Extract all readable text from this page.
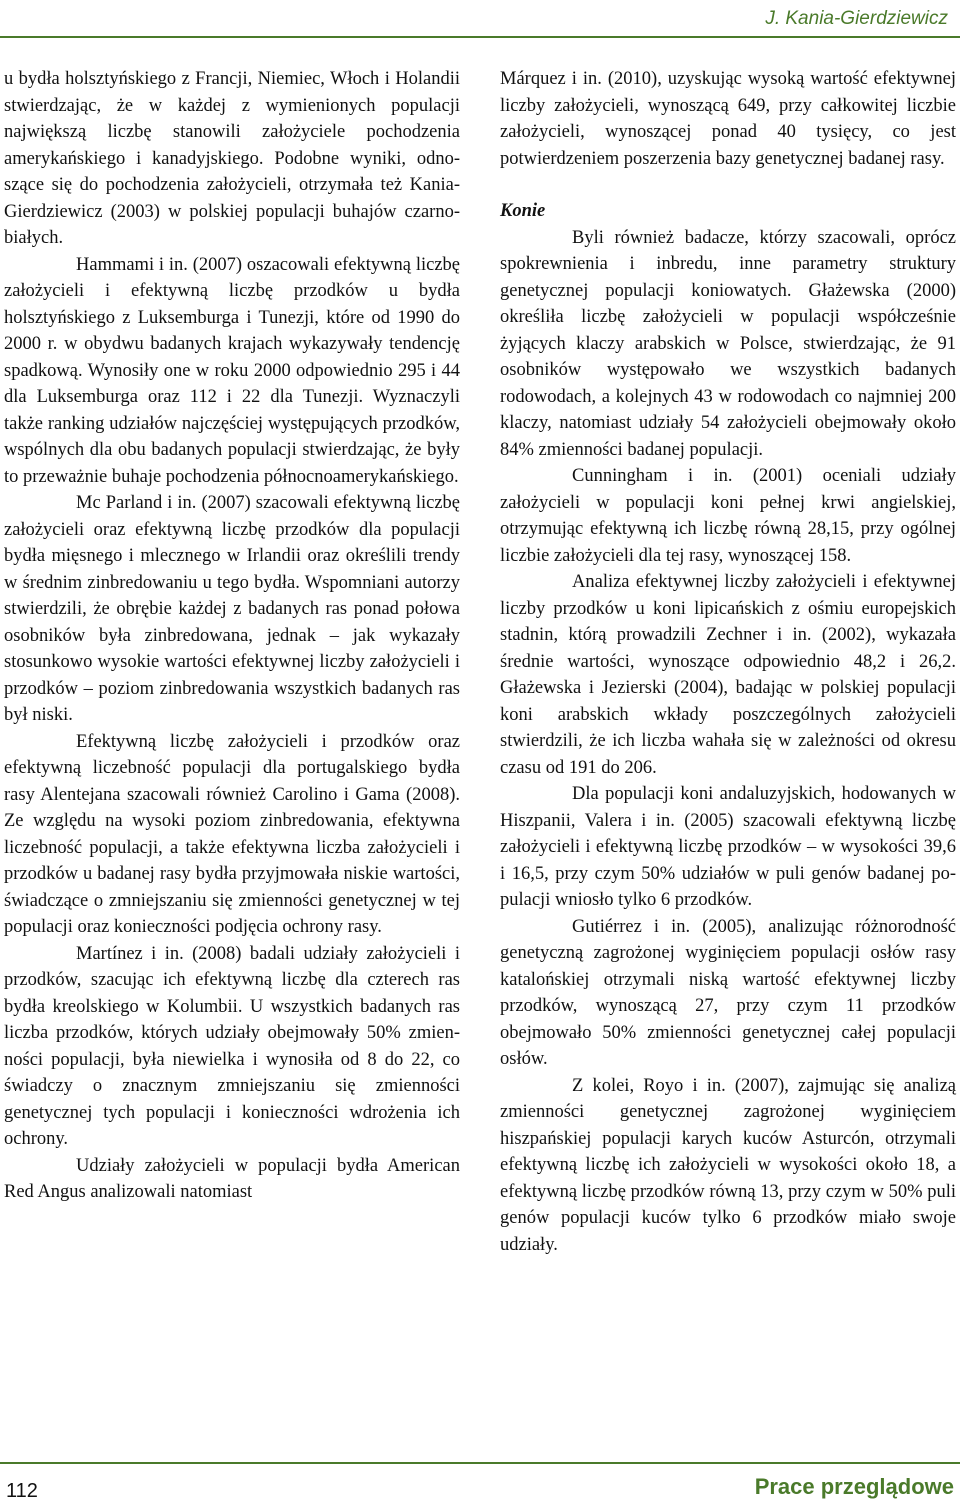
J. Kania-Gierdziewicz

u bydła holsztyńskiego z Francji, Niemiec, Włoch i Holandii stwierdzając, że w każdej z wymienionych populacji największą liczbę stanowili założyciele pochodzenia amerykańskiego i kanadyjskiego. Podobne wyniki, odnoszące się do pochodzenia założycieli, otrzymała też Kania-Gierdziewicz (2003) w polskiej populacji buhajów czarno-białych.

Hammami i in. (2007) oszacowali efektywną liczbę założycieli i efektywną liczbę przodków u bydła holsztyńskiego z Luksemburga i Tunezji, które od 1990 do 2000 r. w obydwu badanych krajach wykazywały tendencję spadkową. Wynosiły one w roku 2000 odpowiednio 295 i 44 dla Luksemburga oraz 112 i 22 dla Tunezji. Wyznaczyli także ranking udziałów najczęściej występujących przodków, wspólnych dla obu badanych populacji stwierdzając, że były to przeważnie buhaje pochodzenia północnoamerykańskiego.

Mc Parland i in. (2007) szacowali efektywną liczbę założycieli oraz efektywną liczbę przodków dla populacji bydła mięsnego i mlecznego w Irlandii oraz określili trendy w średnim zinbredowaniu u tego bydła. Wspomniani autorzy stwierdzili, że obrębie każdej z badanych ras ponad połowa osobników była zinbredowana, jednak – jak wykazały stosunkowo wysokie wartości efektywnej liczby założycieli i przodków – poziom zinbredowania wszystkich badanych ras był niski.

Efektywną liczbę założycieli i przodków oraz efektywną liczebność populacji dla portugalskiego bydła rasy Alentejana szacowali również Carolino i Gama (2008). Ze względu na wysoki poziom zinbredowania, efektywna liczebność populacji, a także efektywna liczba założycieli i przodków u badanej rasy bydła przyjmowała niskie wartości, świadczące o zmniejszaniu się zmienności genetycznej w tej populacji oraz konieczności podjęcia ochrony rasy.

Martínez i in. (2008) badali udziały założycieli i przodków, szacując ich efektywną liczbę dla czterech ras bydła kreolskiego w Kolumbii. U wszystkich badanych ras liczba przodków, których udziały obejmowały 50% zmienności populacji, była niewielka i wynosiła od 8 do 22, co świadczy o znacznym zmniejszaniu się zmienności genetycznej tych populacji i konieczności wdrożenia ich ochrony.

Udziały założycieli w populacji bydła American Red Angus analizowali natomiast

Márquez i in. (2010), uzyskując wysoką wartość efektywnej liczby założycieli, wynoszącą 649, przy całkowitej liczbie założycieli, wynoszącej ponad 40 tysięcy, co jest potwierdzeniem poszerzenia bazy genetycznej badanej rasy.

Konie

Byli również badacze, którzy szacowali, oprócz spokrewnienia i inbredu, inne parametry struktury genetycznej populacji koniowatych. Głażewska (2000) określiła liczbę założycieli w populacji współcześnie żyjących klaczy arabskich w Polsce, stwierdzając, że 91 osobników występowało we wszystkich badanych rodowodach, a kolejnych 43 w rodowodach co najmniej 200 klaczy, natomiast udziały 54 założycieli obejmowały około 84% zmienności badanej populacji.

Cunningham i in. (2001) oceniali udziały założycieli w populacji koni pełnej krwi angielskiej, otrzymując efektywną ich liczbę równą 28,15, przy ogólnej liczbie założycieli dla tej rasy, wynoszącej 158.

Analiza efektywnej liczby założycieli i efektywnej liczby przodków u koni lipicańskich z ośmiu europejskich stadnin, którą prowadzili Zechner i in. (2002), wykazała średnie wartości, wynoszące odpowiednio 48,2 i 26,2. Głażewska i Jezierski (2004), badając w polskiej populacji koni arabskich wkłady poszczególnych założycieli stwierdzili, że ich liczba wahała się w zależności od okresu czasu od 191 do 206.

Dla populacji koni andaluzyjskich, hodowanych w Hiszpanii, Valera i in. (2005) szacowali efektywną liczbę założycieli i efektywną liczbę przodków – w wysokości 39,6 i 16,5, przy czym 50% udziałów w puli genów badanej populacji wniosło tylko 6 przodków.

Gutiérrez i in. (2005), analizując różnorodność genetyczną zagrożonej wyginięciem populacji osłów rasy katalońskiej otrzymali niską wartość efektywnej liczby przodków, wynoszącą 27, przy czym 11 przodków obejmowało 50% zmienności genetycznej całej populacji osłów.

Z kolei, Royo i in. (2007), zajmując się analizą zmienności genetycznej zagrożonej wyginięciem hiszpańskiej populacji karych kuców Asturcón, otrzymali efektywną liczbę ich założycieli w wysokości około 18, a efektywną liczbę przodków równą 13, przy czym w 50% puli genów populacji kuców tylko 6 przodków miało swoje udziały.

112	Prace przeglądowe
